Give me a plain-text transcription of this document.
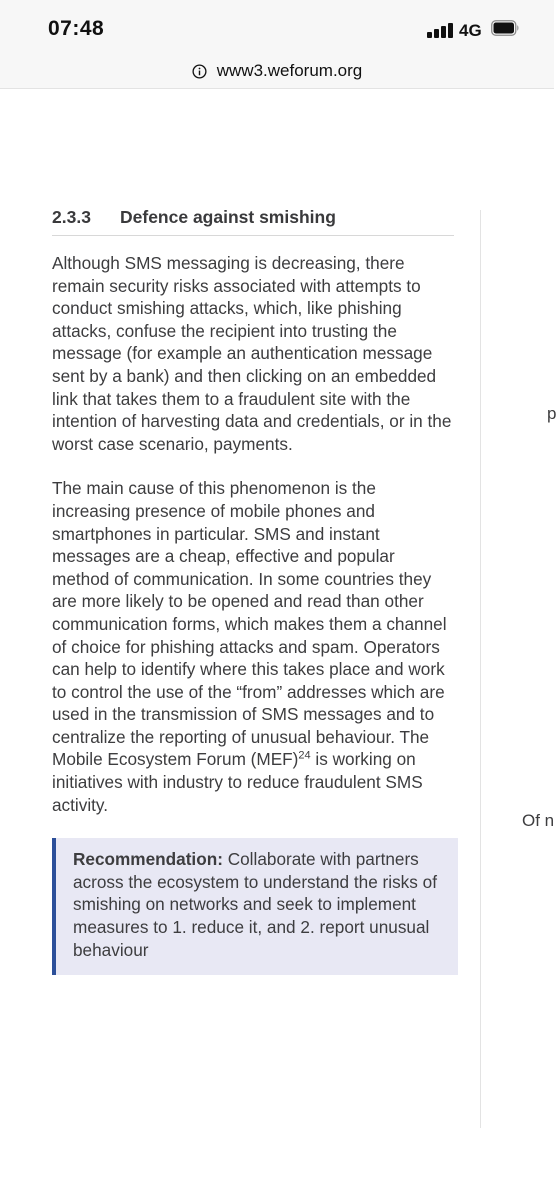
07:48	4G
www3.weforum.org
2.3.3	Defence against smishing

Although SMS messaging is decreasing, there remain security risks associated with attempts to conduct smishing attacks, which, like phishing attacks, confuse the recipient into trusting the message (for example an authentication message sent by a bank) and then clicking on an embedded link that takes them to a fraudulent site with the intention of harvesting data and credentials, or in the worst case scenario, payments.

The main cause of this phenomenon is the increasing presence of mobile phones and smartphones in particular. SMS and instant messages are a cheap, effective and popular method of communication. In some countries they are more likely to be opened and read than other communication forms, which makes them a channel of choice for phishing attacks and spam. Operators can help to identify where this takes place and work to control the use of the “from” addresses which are used in the transmission of SMS messages and to centralize the reporting of unusual behaviour. The Mobile Ecosystem Forum (MEF)$^{24}$ is working on initiatives with industry to reduce fraudulent SMS activity.

Recommendation: Collaborate with partners across the ecosystem to understand the risks of smishing on networks and seek to implement measures to 1. reduce it, and 2. report unusual behaviour
p
Of n
